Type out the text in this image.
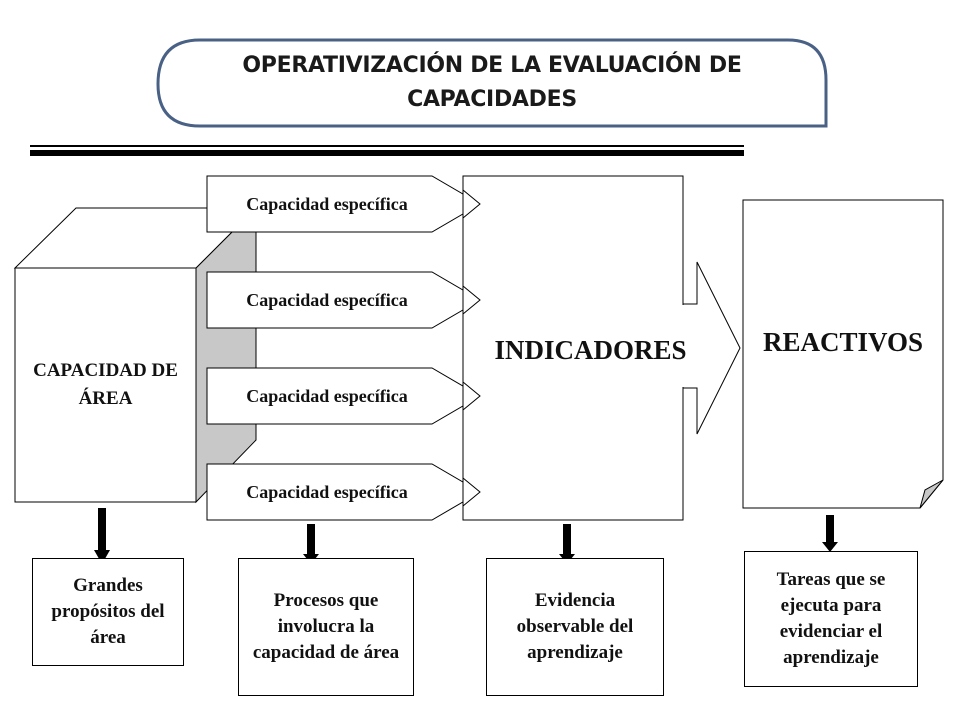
OPERATIVIZACIÓN DE LA EVALUACIÓN DE CAPACIDADES
CAPACIDAD DE ÁREA
Capacidad específica
Capacidad específica
Capacidad específica
Capacidad específica
INDICADORES	REACTIVOS
Grandes propósitos del área
Procesos que involucra la capacidad de área
Evidencia observable del aprendizaje
Tareas que se ejecuta para evidenciar el aprendizaje
